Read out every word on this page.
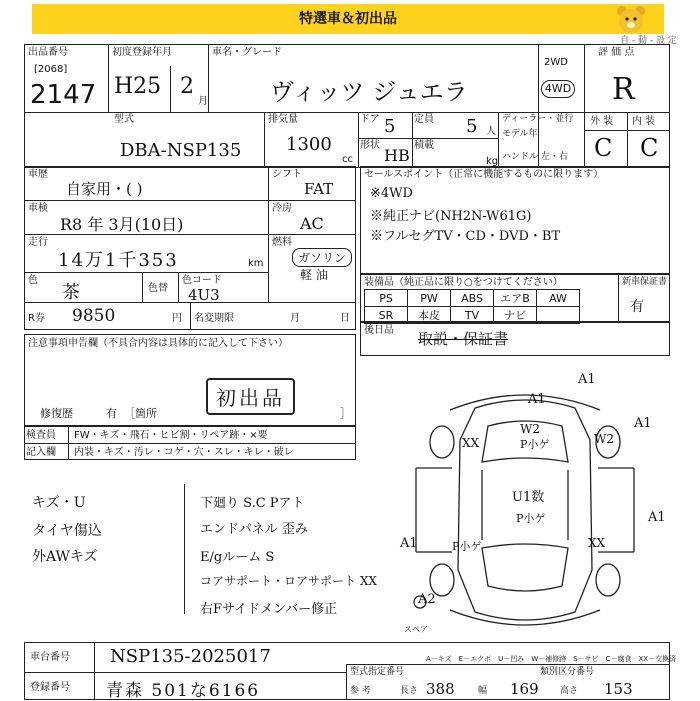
特選車＆初出品
自 ‐ 動 ‐ 設 定
出品番号
[2068]
2147
初度登録年月
H25 2
月
車名・グレード
ヴィッツ ジュエラ
2WD
4WD
評 価 点
R
外 装 内 装
C C
型式
DBA-NSP135
排気量
1300
cc
ドア 5 定員 5 人
形状
HB
積載
kg
ディーラー・並行
モデル年
ハンドル 左・右
車歴
自家用・( )
シフト
FAT
車検
R8 年 3月(10日)
冷房
AC
走行
14万1千353	km
燃料
ガソリン
軽 油
色
茶	色替
色コード
4U3
R券 9850	円 名変期限	月	日
セールスポイント（正常に機能するものに限ります）
※4WD
※純正ナビ(NH2N-W61G)
※フルセグTV・CD・DVD・BT
装備品（純正品に限り○をつけてください）	新車保証書
PS	PW	ABS	エアB	AW
SR	本皮	TV	ナビ	
有
後日品 取説・保証書
注意事項申告欄（不具合内容は具体的に記入して下さい）
初出品
修復歴	有 ［箇所	］
検査員 FW・キズ・飛石・ヒビ割・リペア跡・×要
記入欄 内装・キズ・汚レ・コゲ・穴・スレ・キレ・破レ
キズ・U
タイヤ傷込
外AWキズ
下廻り S.C Pアト
エンドパネル 歪み
E/gルーム S
コアサポート・ロアサポート XX
右Fサイドメンバー修正
A1
A1
A1
W2
P小ゲ	W2
XX
U1数
P小ゲ	A1
A1	P小ゲ	XX
A2
スペア
A－キズ　E－エクボ　U－凹み　W－補修跡　S－サビ　C－腐食　XX－交換済
車台番号 NSP135-2025017
登録番号 青森 501な6166
型式指定番号	類別区分番号
参 考	長さ 388	幅 169 高さ 153
